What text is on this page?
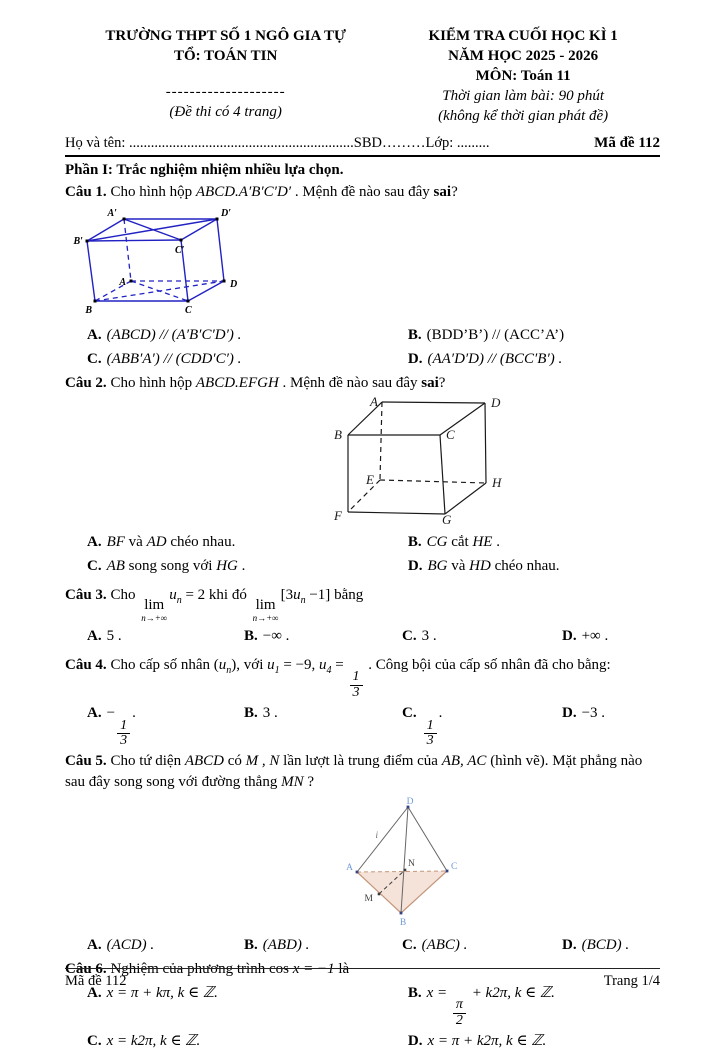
TRƯỜNG THPT SỐ 1 NGÔ GIA TỰ
TỔ: TOÁN TIN
--------------------
(Đề thi có 4 trang)
KIỂM TRA CUỐI HỌC KÌ 1
NĂM HỌC 2025 - 2026
MÔN: Toán 11
Thời gian làm bài: 90 phút
(không kể thời gian phát đề)
Họ và tên: ..............................................................SBD………Lớp: .........	Mã đề 112
Phần I: Trắc nghiệm nhiệm nhiều lựa chọn.
Câu 1. Cho hình hộp ABCD.A′B′C′D′ . Mệnh đề nào sau đây sai?
A′	D′
B′
C′
A	D
B	C
A. (ABCD) // (A′B′C′D′) .	B. (BDD’B’) // (ACC’A’)
C. (ABB′A′) // (CDD′C′) .	D. (AA′D′D) // (BCC′B′) .
Câu 2. Cho hình hộp ABCD.EFGH . Mệnh đề nào sau đây sai?
A	D
B	C
E	H
F	G
A. BF và AD chéo nhau.	B. CG cắt HE .
C. AB song song với HG .	D. BG và HD chéo nhau.
Câu 3. Cho
lim
n→+∞
$u_n = 2$ khi đó
lim
n→+∞
$[3u_n -1]$ bằng
A. 5 .	B. −∞ .	C. 3 .	D. +∞ .
Câu 4. Cho cấp số nhân $(u_n)$, với $u_1 = -9$, $u_4$ =
$\frac{1}{3}$
. Công bội của cấp số nhân đã cho bằng:
A. −
$\frac{1}{3}$
.	B. 3 .	C.
$\frac{1}{3}$
.	D. −3 .
Câu 5. Cho tứ diện ABCD có M , N lần lượt là trung điểm của AB, AC (hình vẽ). Mặt phẳng nào sau đây song song với đường thẳng MN ?
D
A	C
B
M
N
i
A. (ACD) .	B. (ABD) .	C. (ABC) .	D. (BCD) .
Câu 6. Nghiệm của phương trình cos x = −1 là
A. x = π + kπ, k ∈ ℤ.	B. x =
$\frac{\pi}{2}$
+ k2π, k ∈ ℤ.
C. x = k2π, k ∈ ℤ.	D. x = π + k2π, k ∈ ℤ.
Mã đề 112	Trang 1/4
